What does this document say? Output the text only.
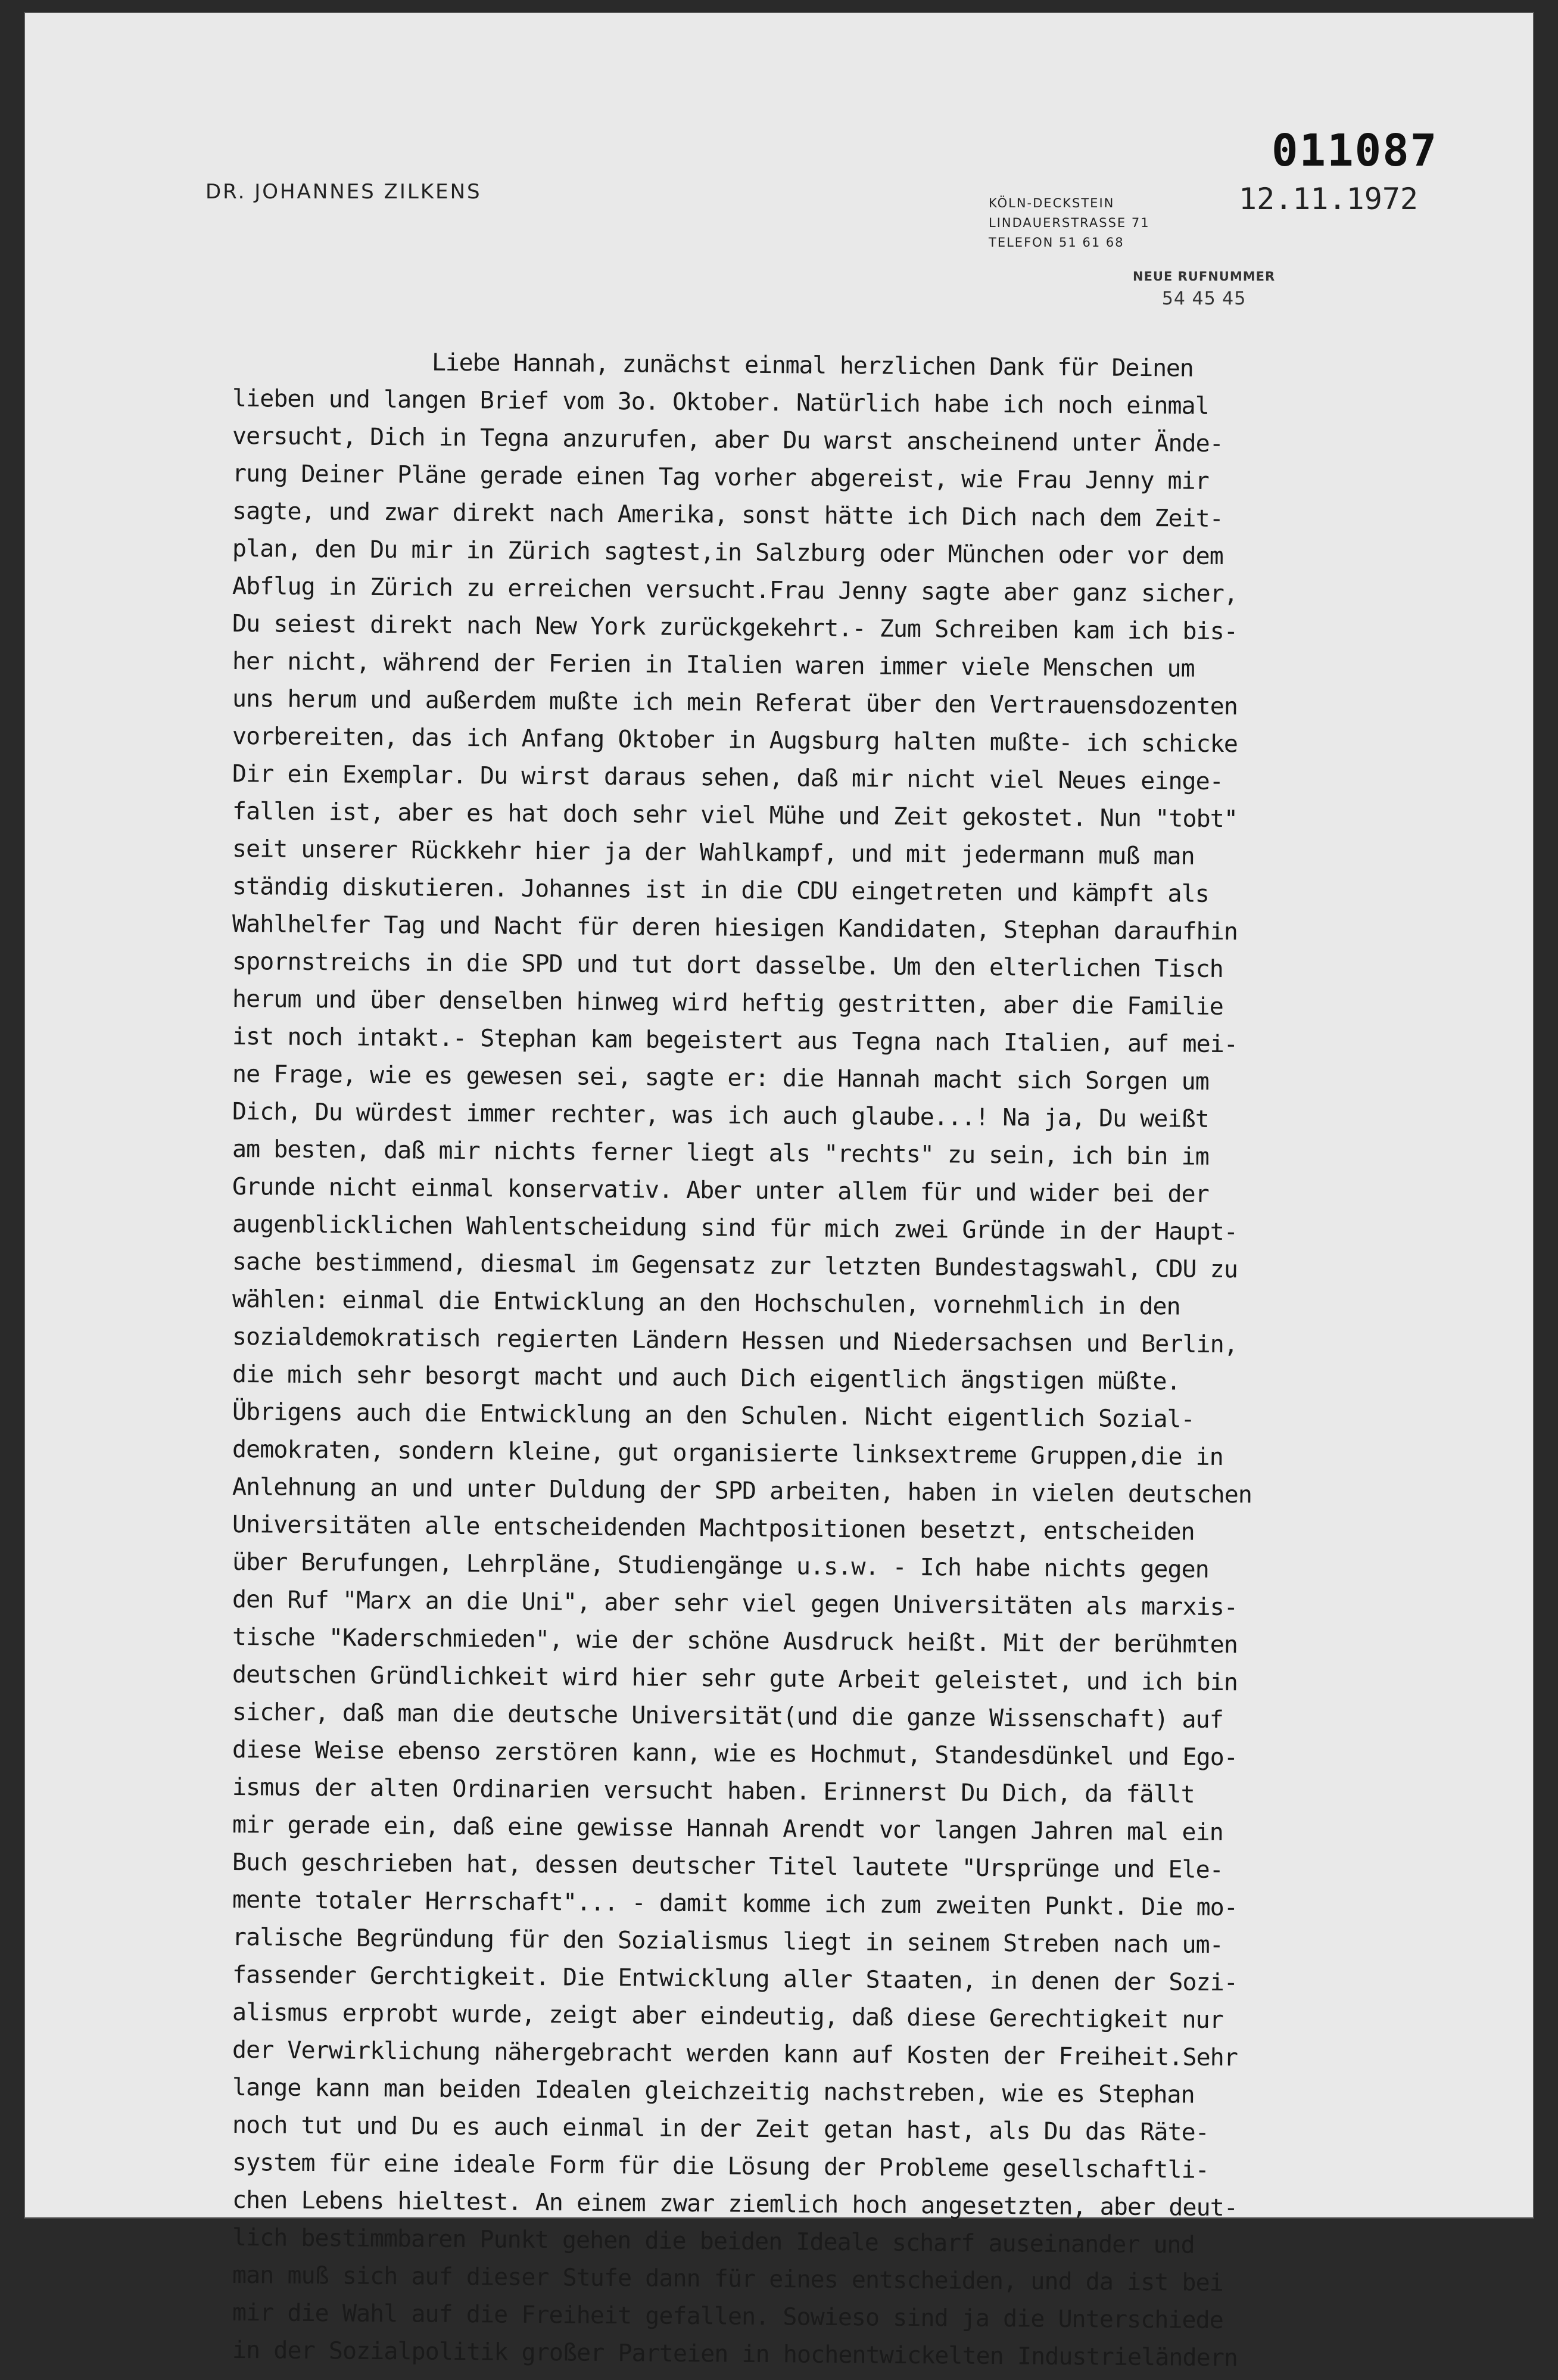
011087
DR. JOHANNES ZILKENS	KÖLN-DECKSTEIN
LINDAUERSTRASSE 71
TELEFON 51 61 68
12.11.1972
NEUE RUFNUMMER
54 45 45
Liebe Hannah, zunächst einmal herzlichen Dank für Deinen
lieben und langen Brief vom 3o. Oktober. Natürlich habe ich noch einmal
versucht, Dich in Tegna anzurufen, aber Du warst anscheinend unter Ände-
rung Deiner Pläne gerade einen Tag vorher abgereist, wie Frau Jenny mir
sagte, und zwar direkt nach Amerika, sonst hätte ich Dich nach dem Zeit-
plan, den Du mir in Zürich sagtest,in Salzburg oder München oder vor dem
Abflug in Zürich zu erreichen versucht.Frau Jenny sagte aber ganz sicher,
Du seiest direkt nach New York zurückgekehrt.- Zum Schreiben kam ich bis-
her nicht, während der Ferien in Italien waren immer viele Menschen um
uns herum und außerdem mußte ich mein Referat über den Vertrauensdozenten
vorbereiten, das ich Anfang Oktober in Augsburg halten mußte- ich schicke
Dir ein Exemplar. Du wirst daraus sehen, daß mir nicht viel Neues einge-
fallen ist, aber es hat doch sehr viel Mühe und Zeit gekostet. Nun "tobt"
seit unserer Rückkehr hier ja der Wahlkampf, und mit jedermann muß man
ständig diskutieren. Johannes ist in die CDU eingetreten und kämpft als
Wahlhelfer Tag und Nacht für deren hiesigen Kandidaten, Stephan daraufhin
spornstreichs in die SPD und tut dort dasselbe. Um den elterlichen Tisch
herum und über denselben hinweg wird heftig gestritten, aber die Familie
ist noch intakt.- Stephan kam begeistert aus Tegna nach Italien, auf mei-
ne Frage, wie es gewesen sei, sagte er: die Hannah macht sich Sorgen um
Dich, Du würdest immer rechter, was ich auch glaube...! Na ja, Du weißt
am besten, daß mir nichts ferner liegt als "rechts" zu sein, ich bin im
Grunde nicht einmal konservativ. Aber unter allem für und wider bei der
augenblicklichen Wahlentscheidung sind für mich zwei Gründe in der Haupt-
sache bestimmend, diesmal im Gegensatz zur letzten Bundestagswahl, CDU zu
wählen: einmal die Entwicklung an den Hochschulen, vornehmlich in den
sozialdemokratisch regierten Ländern Hessen und Niedersachsen und Berlin,
die mich sehr besorgt macht und auch Dich eigentlich ängstigen müßte.
Übrigens auch die Entwicklung an den Schulen. Nicht eigentlich Sozial-
demokraten, sondern kleine, gut organisierte linksextreme Gruppen,die in
Anlehnung an und unter Duldung der SPD arbeiten, haben in vielen deutschen
Universitäten alle entscheidenden Machtpositionen besetzt, entscheiden
über Berufungen, Lehrpläne, Studiengänge u.s.w. - Ich habe nichts gegen
den Ruf "Marx an die Uni", aber sehr viel gegen Universitäten als marxis-
tische "Kaderschmieden", wie der schöne Ausdruck heißt. Mit der berühmten
deutschen Gründlichkeit wird hier sehr gute Arbeit geleistet, und ich bin
sicher, daß man die deutsche Universität(und die ganze Wissenschaft) auf
diese Weise ebenso zerstören kann, wie es Hochmut, Standesdünkel und Ego-
ismus der alten Ordinarien versucht haben. Erinnerst Du Dich, da fällt
mir gerade ein, daß eine gewisse Hannah Arendt vor langen Jahren mal ein
Buch geschrieben hat, dessen deutscher Titel lautete "Ursprünge und Ele-
mente totaler Herrschaft"... - damit komme ich zum zweiten Punkt. Die mo-
ralische Begründung für den Sozialismus liegt in seinem Streben nach um-
fassender Gerchtigkeit. Die Entwicklung aller Staaten, in denen der Sozi-
alismus erprobt wurde, zeigt aber eindeutig, daß diese Gerechtigkeit nur
der Verwirklichung nähergebracht werden kann auf Kosten der Freiheit.Sehr
lange kann man beiden Idealen gleichzeitig nachstreben, wie es Stephan
noch tut und Du es auch einmal in der Zeit getan hast, als Du das Räte-
system für eine ideale Form für die Lösung der Probleme gesellschaftli-
chen Lebens hieltest. An einem zwar ziemlich hoch angesetzten, aber deut-
lich bestimmbaren Punkt gehen die beiden Ideale scharf auseinander und
man muß sich auf dieser Stufe dann für eines entscheiden, und da ist bei
mir die Wahl auf die Freiheit gefallen. Sowieso sind ja die Unterschiede
in der Sozialpolitik großer Parteien in hochentwickelten Industrieländern
